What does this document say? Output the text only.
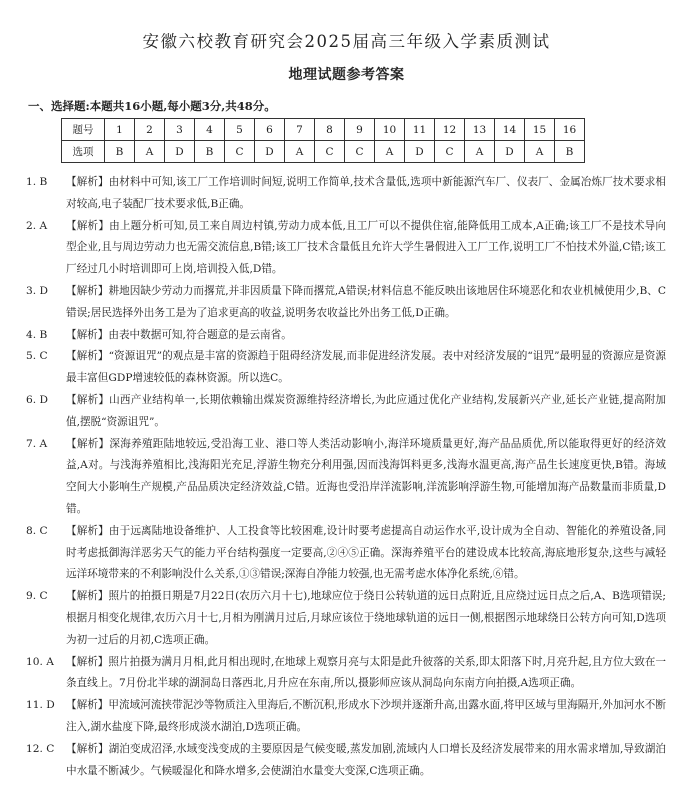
安徽六校教育研究会2025届高三年级入学素质测试
地理试题参考答案
一、选择题:本题共16小题,每小题3分,共48分。
题号	1	2	3	4	5	6	7	8	9	10	11	12	13	14	15	16
选项	B	A	D	B	C	D	A	C	C	A	D	C	A	D	A	B
1. B	【解析】由材料中可知,该工厂工作培训时间短,说明工作简单,技术含量低,选项中新能源汽车厂、仪表厂、金属冶炼厂技术要求相对较高,电子装配厂技术要求低,B正确。
2. A	【解析】由上题分析可知,员工来自周边村镇,劳动力成本低,且工厂可以不提供住宿,能降低用工成本,A正确;该工厂不是技术导向型企业,且与周边劳动力也无需交流信息,B错;该工厂技术含量低且允许大学生暑假进入工厂工作,说明工厂不怕技术外溢,C错;该工厂经过几小时培训即可上岗,培训投入低,D错。
3. D	【解析】耕地因缺少劳动力而撂荒,并非因质量下降而撂荒,A错误;材料信息不能反映出该地居住环境恶化和农业机械使用少,B、C错误;居民选择外出务工是为了追求更高的收益,说明务农收益比外出务工低,D正确。
4. B	【解析】由表中数据可知,符合题意的是云南省。
5. C	【解析】“资源诅咒”的观点是丰富的资源趋于阻碍经济发展,而非促进经济发展。表中对经济发展的“诅咒”最明显的资源应是资源最丰富但GDP增速较低的森林资源。所以选C。
6. D	【解析】山西产业结构单一,长期依赖输出煤炭资源维持经济增长,为此应通过优化产业结构,发展新兴产业,延长产业链,提高附加值,摆脱“资源诅咒”。
7. A	【解析】深海养殖距陆地较远,受沿海工业、港口等人类活动影响小,海洋环境质量更好,海产品品质优,所以能取得更好的经济效益,A对。与浅海养殖相比,浅海阳光充足,浮游生物充分利用强,因而浅海饵料更多,浅海水温更高,海产品生长速度更快,B错。海域空间大小影响生产规模,产品品质决定经济效益,C错。近海也受沿岸洋流影响,洋流影响浮游生物,可能增加海产品数量而非质量,D错。
8. C	【解析】由于远离陆地设备维护、人工投食等比较困难,设计时要考虑提高自动运作水平,设计成为全自动、智能化的养殖设备,同时考虑抵御海洋恶劣天气的能力平台结构强度一定要高,②④⑤正确。深海养殖平台的建设成本比较高,海底地形复杂,这些与减轻远洋环境带来的不利影响没什么关系,①③错误;深海自净能力较强,也无需考虑水体净化系统,⑥错。
9. C	【解析】照片的拍摄日期是7月22日(农历六月十七),地球应位于绕日公转轨道的远日点附近,且应绕过远日点之后,A、B选项错误;根据月相变化规律,农历六月十七,月相为刚满月过后,月球应该位于绕地球轨道的远日一侧,根据图示地球绕日公转方向可知,D选项为初一过后的月初,C选项正确。
10. A	【解析】照片拍摄为满月月相,此月相出现时,在地球上观察月亮与太阳是此升彼落的关系,即太阳落下时,月亮升起,且方位大致在一条直线上。7月份北半球的湖洞岛日落西北,月升应在东南,所以,摄影师应该从洞岛向东南方向拍摄,A选项正确。
11. D	【解析】甲流域河流挟带泥沙等物质注入里海后,不断沉积,形成水下沙坝并逐渐升高,出露水面,将甲区域与里海隔开,外加河水不断注入,湖水盐度下降,最终形成淡水湖泊,D选项正确。
12. C	【解析】湖泊变成沼泽,水域变浅变成的主要原因是气候变暖,蒸发加剧,流域内人口增长及经济发展带来的用水需求增加,导致湖泊中水量不断减少。气候暖湿化和降水增多,会使湖泊水量变大变深,C选项正确。
